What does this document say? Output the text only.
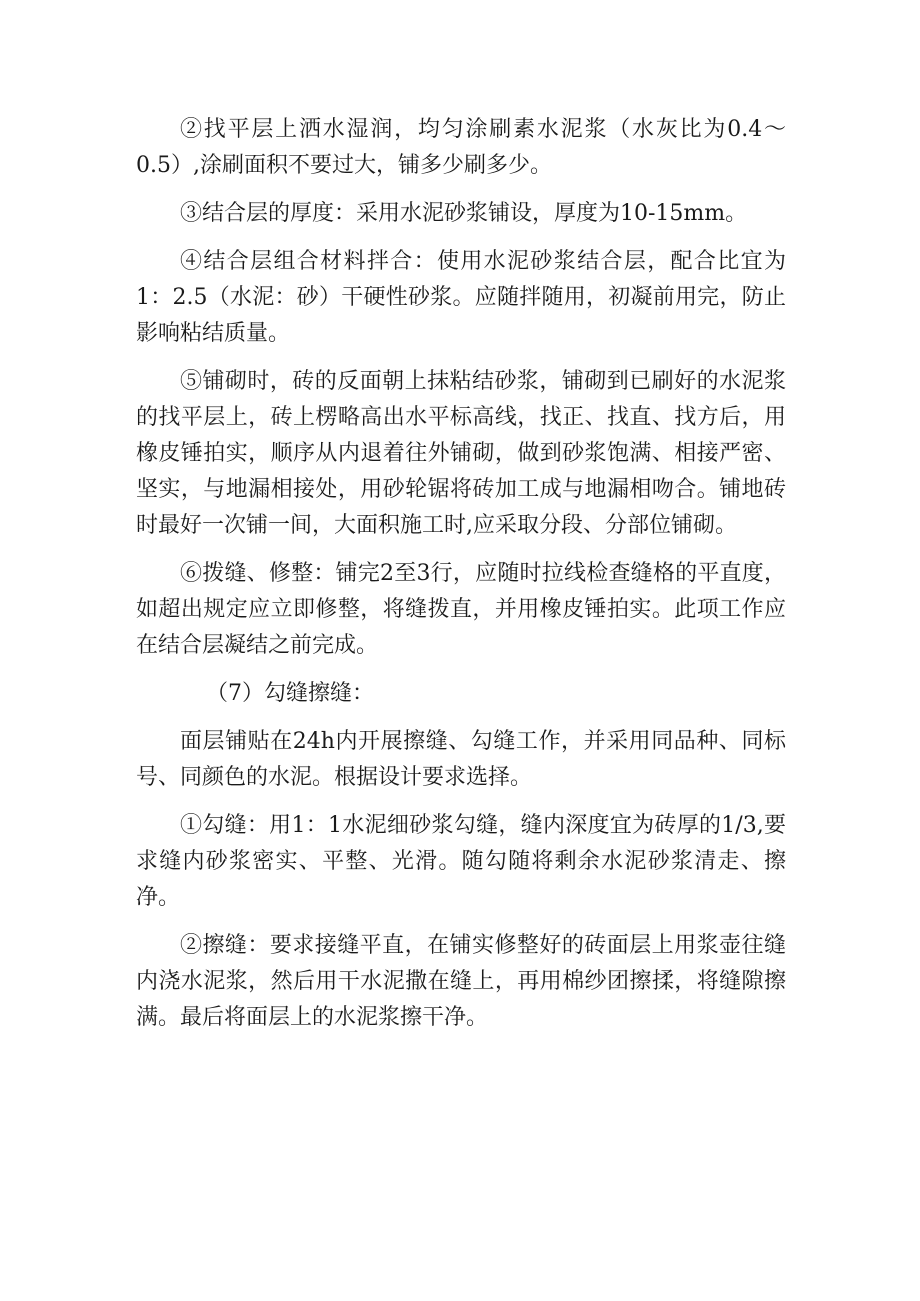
②找平层上洒水湿润，均匀涂刷素水泥浆（水灰比为0.4～0.5）,涂刷面积不要过大，铺多少刷多少。

③结合层的厚度：采用水泥砂浆铺设，厚度为10-15mm。

④结合层组合材料拌合：使用水泥砂浆结合层，配合比宜为1：2.5（水泥：砂）干硬性砂浆。应随拌随用，初凝前用完，防止影响粘结质量。

⑤铺砌时，砖的反面朝上抹粘结砂浆，铺砌到已刷好的水泥浆的找平层上，砖上楞略高出水平标高线，找正、找直、找方后，用橡皮锤拍实，顺序从内退着往外铺砌，做到砂浆饱满、相接严密、坚实，与地漏相接处，用砂轮锯将砖加工成与地漏相吻合。铺地砖时最好一次铺一间，大面积施工时,应采取分段、分部位铺砌。

⑥拨缝、修整：铺完2至3行，应随时拉线检查缝格的平直度，如超出规定应立即修整，将缝拨直，并用橡皮锤拍实。此项工作应在结合层凝结之前完成。

（7）勾缝擦缝：

面层铺贴在24h内开展擦缝、勾缝工作，并采用同品种、同标号、同颜色的水泥。根据设计要求选择。

①勾缝：用1：1水泥细砂浆勾缝，缝内深度宜为砖厚的1/3,要求缝内砂浆密实、平整、光滑。随勾随将剩余水泥砂浆清走、擦净。

②擦缝：要求接缝平直，在铺实修整好的砖面层上用浆壶往缝内浇水泥浆，然后用干水泥撒在缝上，再用棉纱团擦揉，将缝隙擦满。最后将面层上的水泥浆擦干净。
